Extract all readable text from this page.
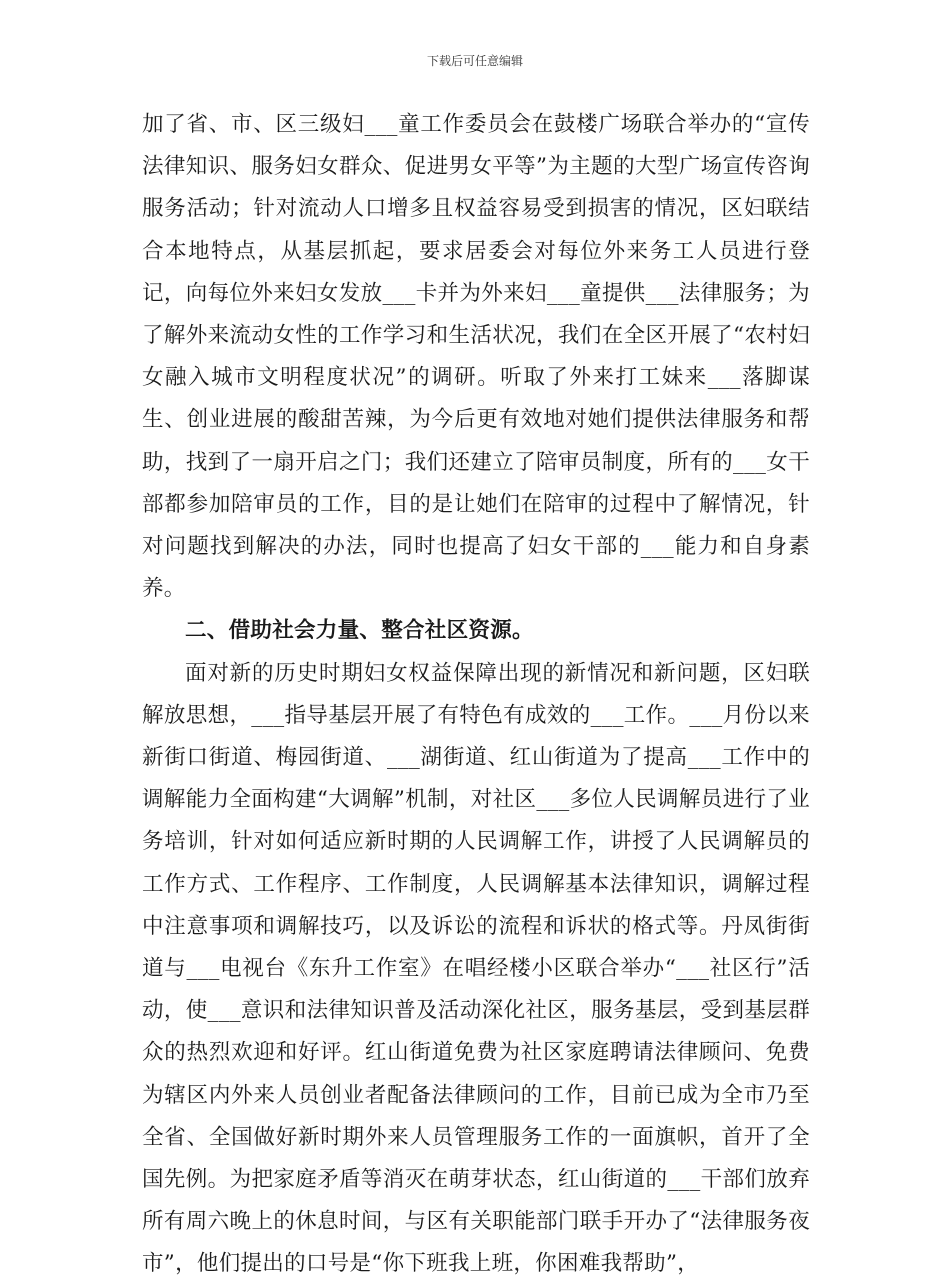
下载后可任意编辑

加了省、市、区三级妇___童工作委员会在鼓楼广场联合举办的“宣传法律知识、服务妇女群众、促进男女平等”为主题的大型广场宣传咨询服务活动；针对流动人口增多且权益容易受到损害的情况，区妇联结合本地特点，从基层抓起，要求居委会对每位外来务工人员进行登记，向每位外来妇女发放___卡并为外来妇___童提供___法律服务；为了解外来流动女性的工作学习和生活状况，我们在全区开展了“农村妇女融入城市文明程度状况”的调研。听取了外来打工妹来___落脚谋生、创业进展的酸甜苦辣，为今后更有效地对她们提供法律服务和帮助，找到了一扇开启之门；我们还建立了陪审员制度，所有的___女干部都参加陪审员的工作，目的是让她们在陪审的过程中了解情况，针对问题找到解决的办法，同时也提高了妇女干部的___能力和自身素养。

二、借助社会力量、整合社区资源。

面对新的历史时期妇女权益保障出现的新情况和新问题，区妇联解放思想，___指导基层开展了有特色有成效的___工作。___月份以来新街口街道、梅园街道、___湖街道、红山街道为了提高___工作中的调解能力全面构建“大调解”机制，对社区___多位人民调解员进行了业务培训，针对如何适应新时期的人民调解工作，讲授了人民调解员的工作方式、工作程序、工作制度，人民调解基本法律知识，调解过程中注意事项和调解技巧，以及诉讼的流程和诉状的格式等。丹凤街街道与___电视台《东升工作室》在唱经楼小区联合举办“___社区行”活动，使___意识和法律知识普及活动深化社区，服务基层，受到基层群众的热烈欢迎和好评。红山街道免费为社区家庭聘请法律顾问、免费为辖区内外来人员创业者配备法律顾问的工作，目前已成为全市乃至全省、全国做好新时期外来人员管理服务工作的一面旗帜，首开了全国先例。为把家庭矛盾等消灭在萌芽状态，红山街道的___干部们放弃所有周六晚上的休息时间，与区有关职能部门联手开办了“法律服务夜市”，他们提出的口号是“你下班我上班，你困难我帮助”，
